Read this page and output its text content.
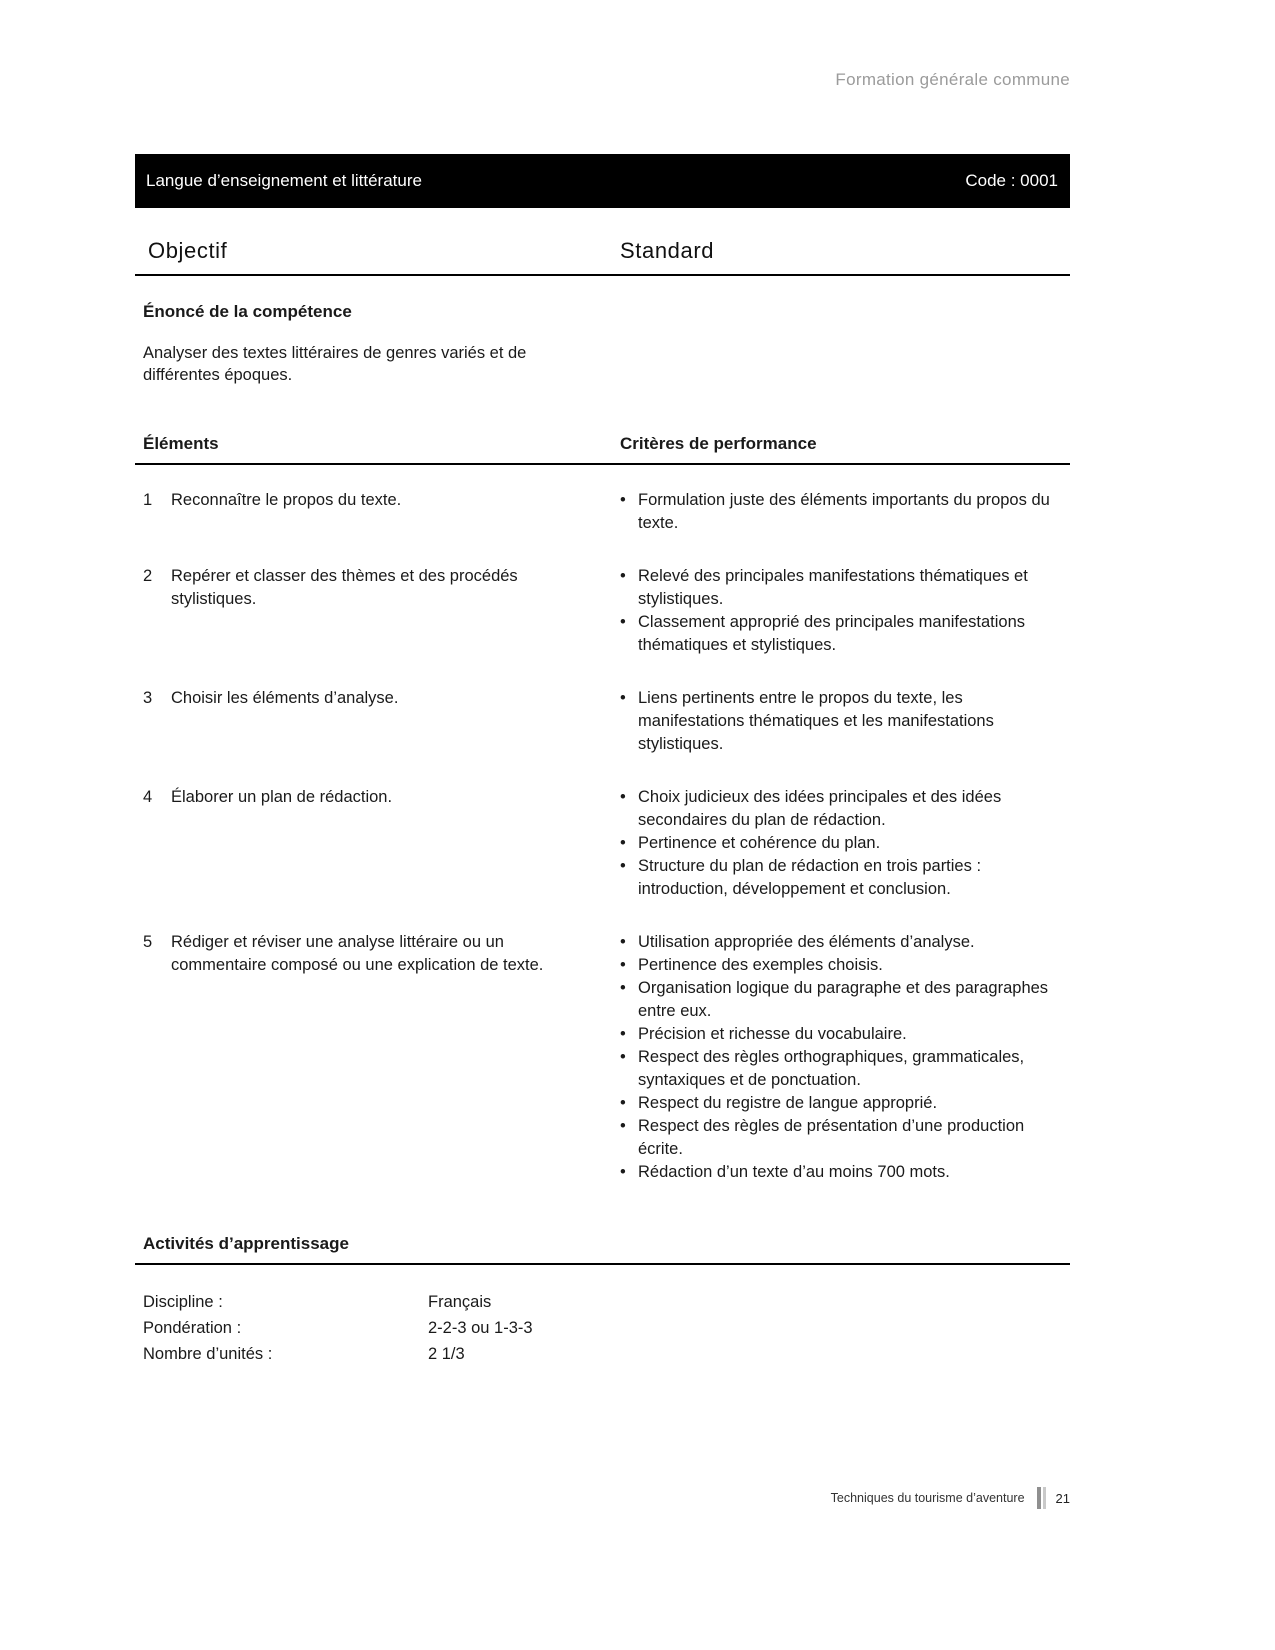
Formation générale commune
Langue d’enseignement et littérature	Code : 0001
Objectif	Standard
Énoncé de la compétence
Analyser des textes littéraires de genres variés et de différentes époques.
Éléments	Critères de performance
1	Reconnaître le propos du texte.	• Formulation juste des éléments importants du propos du texte.
2	Repérer et classer des thèmes et des procédés stylistiques.
• Relevé des principales manifestations thématiques et stylistiques.
• Classement approprié des principales manifestations thématiques et stylistiques.
3	Choisir les éléments d’analyse.	• Liens pertinents entre le propos du texte, les manifestations thématiques et les manifestations stylistiques.
4	Élaborer un plan de rédaction.	• Choix judicieux des idées principales et des idées secondaires du plan de rédaction.
• Pertinence et cohérence du plan.
• Structure du plan de rédaction en trois parties : introduction, développement et conclusion.
5	Rédiger et réviser une analyse littéraire ou un commentaire composé ou une explication de texte.
• Utilisation appropriée des éléments d’analyse.
• Pertinence des exemples choisis.
• Organisation logique du paragraphe et des paragraphes entre eux.
• Précision et richesse du vocabulaire.
• Respect des règles orthographiques, grammaticales, syntaxiques et de ponctuation.
• Respect du registre de langue approprié.
• Respect des règles de présentation d’une production écrite.
• Rédaction d’un texte d’au moins 700 mots.
Activités d’apprentissage
Discipline :	Français
Pondération :	2-2-3 ou 1-3-3
Nombre d’unités :	2 1/3
Techniques du tourisme d’aventure 21
